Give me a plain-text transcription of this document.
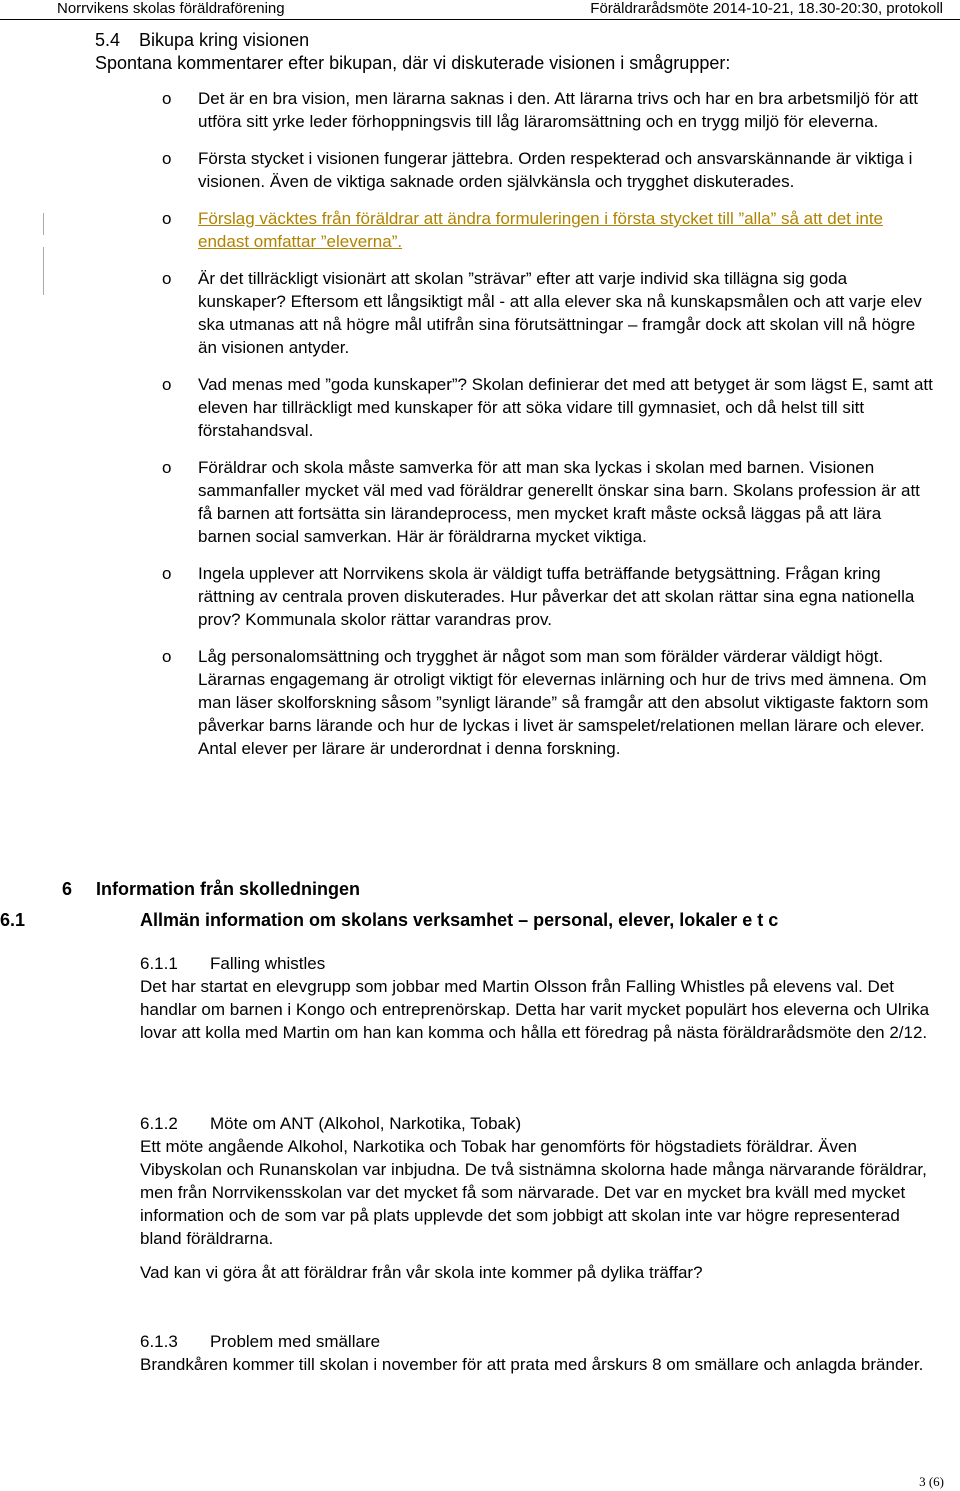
Norrvikens skolas föräldraförening	Föräldrarådsmöte 2014-10-21, 18.30-20:30, protokoll
5.4 Bikupa kring visionen
Spontana kommentarer efter bikupan, där vi diskuterade visionen i smågrupper:
o Det är en bra vision, men lärarna saknas i den. Att lärarna trivs och har en bra arbetsmiljö för att utföra sitt yrke leder förhoppningsvis till låg läraromsättning och en trygg miljö för eleverna.
o Första stycket i visionen fungerar jättebra. Orden respekterad och ansvarskännande är viktiga i visionen. Även de viktiga saknade orden självkänsla och trygghet diskuterades.
o Förslag väcktes från föräldrar att ändra formuleringen i första stycket till ”alla” så att det inte endast omfattar ”eleverna”.
o Är det tillräckligt visionärt att skolan ”strävar” efter att varje individ ska tillägna sig goda kunskaper? Eftersom ett långsiktigt mål - att alla elever ska nå kunskapsmålen och att varje elev ska utmanas att nå högre mål utifrån sina förutsättningar – framgår dock att skolan vill nå högre än visionen antyder.
o Vad menas med ”goda kunskaper”? Skolan definierar det med att betyget är som lägst E, samt att eleven har tillräckligt med kunskaper för att söka vidare till gymnasiet, och då helst till sitt förstahandsval.
o Föräldrar och skola måste samverka för att man ska lyckas i skolan med barnen. Visionen sammanfaller mycket väl med vad föräldrar generellt önskar sina barn. Skolans profession är att få barnen att fortsätta sin lärandeprocess, men mycket kraft måste också läggas på att lära barnen social samverkan. Här är föräldrarna mycket viktiga.
o Ingela upplever att Norrvikens skola är väldigt tuffa beträffande betygsättning. Frågan kring rättning av centrala proven diskuterades. Hur påverkar det att skolan rättar sina egna nationella prov? Kommunala skolor rättar varandras prov.
o Låg personalomsättning och trygghet är något som man som förälder värderar väldigt högt. Lärarnas engagemang är otroligt viktigt för elevernas inlärning och hur de trivs med ämnena. Om man läser skolforskning såsom ”synligt lärande” så framgår att den absolut viktigaste faktorn som påverkar barns lärande och hur de lyckas i livet är samspelet/relationen mellan lärare och elever. Antal elever per lärare är underordnat i denna forskning.
6 Information från skolledningen
6.1	Allmän information om skolans verksamhet – personal, elever, lokaler e t c
6.1.1 Falling whistles
Det har startat en elevgrupp som jobbar med Martin Olsson från Falling Whistles på elevens val. Det handlar om barnen i Kongo och entreprenörskap. Detta har varit mycket populärt hos eleverna och Ulrika lovar att kolla med Martin om han kan komma och hålla ett föredrag på nästa föräldrarådsmöte den 2/12.
6.1.2 Möte om ANT (Alkohol, Narkotika, Tobak)
Ett möte angående Alkohol, Narkotika och Tobak har genomförts för högstadiets föräldrar. Även Vibyskolan och Runanskolan var inbjudna. De två sistnämna skolorna hade många närvarande föräldrar, men från Norrvikensskolan var det mycket få som närvarade. Det var en mycket bra kväll med mycket information och de som var på plats upplevde det som jobbigt att skolan inte var högre representerad bland föräldrarna.
Vad kan vi göra åt att föräldrar från vår skola inte kommer på dylika träffar?
6.1.3 Problem med smällare
Brandkåren kommer till skolan i november för att prata med årskurs 8 om smällare och anlagda bränder.
3 (6)
